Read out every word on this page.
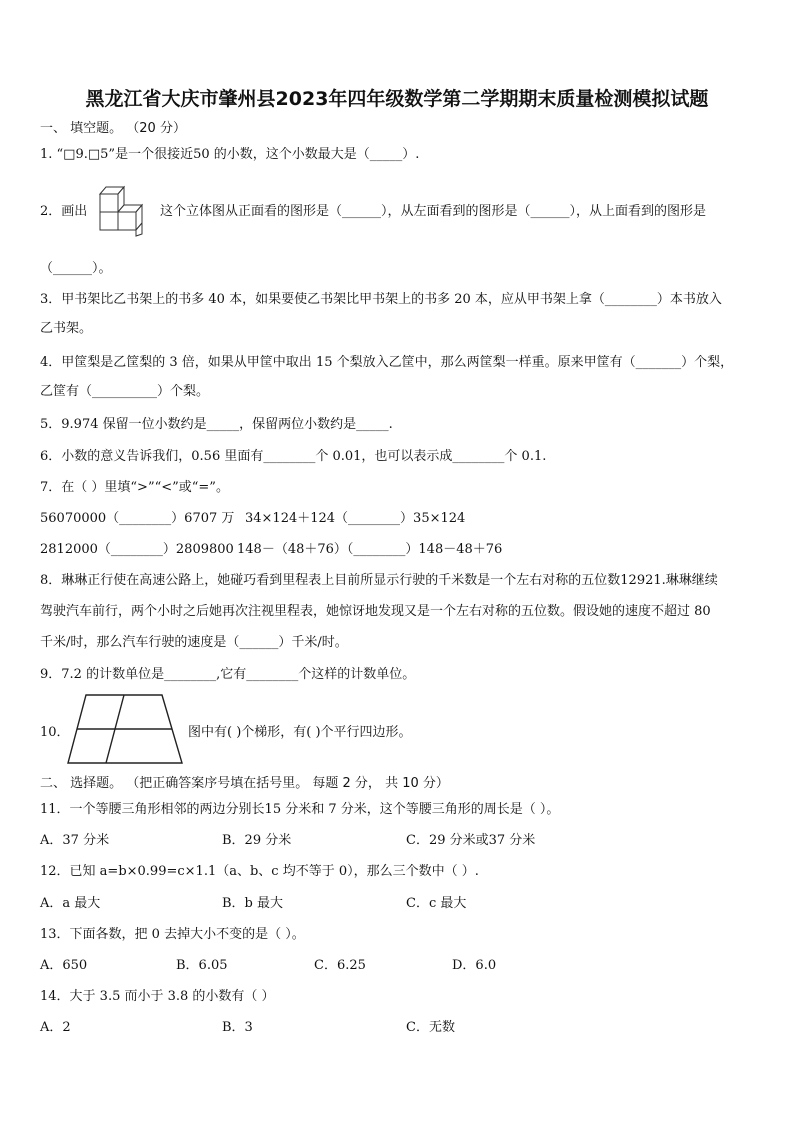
黑龙江省大庆市肇州县2023年四年级数学第二学期期末质量检测模拟试题
一、 填空题。 （20 分）
1. “□9.□5”是一个很接近50 的小数，这个小数最大是（_____）.
2．画出	这个立体图从正面看的图形是（______），从左面看到的图形是（______），从上面看到的图形是
（______）。
3．甲书架比乙书架上的书多 40 本，如果要使乙书架比甲书架上的书多 20 本，应从甲书架上拿（________）本书放入
乙书架。
4．甲筐梨是乙筐梨的 3 倍，如果从甲筐中取出 15 个梨放入乙筐中，那么两筐梨一样重。原来甲筐有（_______）个梨，
乙筐有（__________）个梨。
5．9.974 保留一位小数约是_____，保留两位小数约是_____.
6．小数的意义告诉我们，0.56 里面有________个 0.01，也可以表示成________个 0.1.
7．在（ ）里填“>”“<”或“=”。
56070000（________）6707 万 34×124＋124（________）35×124
2812000（________）2809800 148－（48＋76）（________）148－48＋76
8．琳琳正行使在高速公路上，她碰巧看到里程表上目前所显示行驶的千米数是一个左右对称的五位数12921.琳琳继续
驾驶汽车前行，两个小时之后她再次注视里程表，她惊讶地发现又是一个左右对称的五位数。假设她的速度不超过 80
千米/时，那么汽车行驶的速度是（______）千米/时。
9．7.2 的计数单位是________,它有________个这样的计数单位。
10．	图中有( )个梯形，有( )个平行四边形。
二、 选择题。 （把正确答案序号填在括号里。 每题 2 分， 共 10 分）
11．一个等腰三角形相邻的两边分别长15 分米和 7 分米，这个等腰三角形的周长是（ ）。
A．37 分米	B．29 分米	C．29 分米或37 分米
12．已知 a=b×0.99=c×1.1（a、b、c 均不等于 0），那么三个数中（ ）.
A．a 最大	B．b 最大	C．c 最大
13．下面各数，把 0 去掉大小不变的是（ ）。
A．650	B．6.05	C．6.25	D．6.0
14．大于 3.5 而小于 3.8 的小数有（ ）
A．2	B．3	C．无数
